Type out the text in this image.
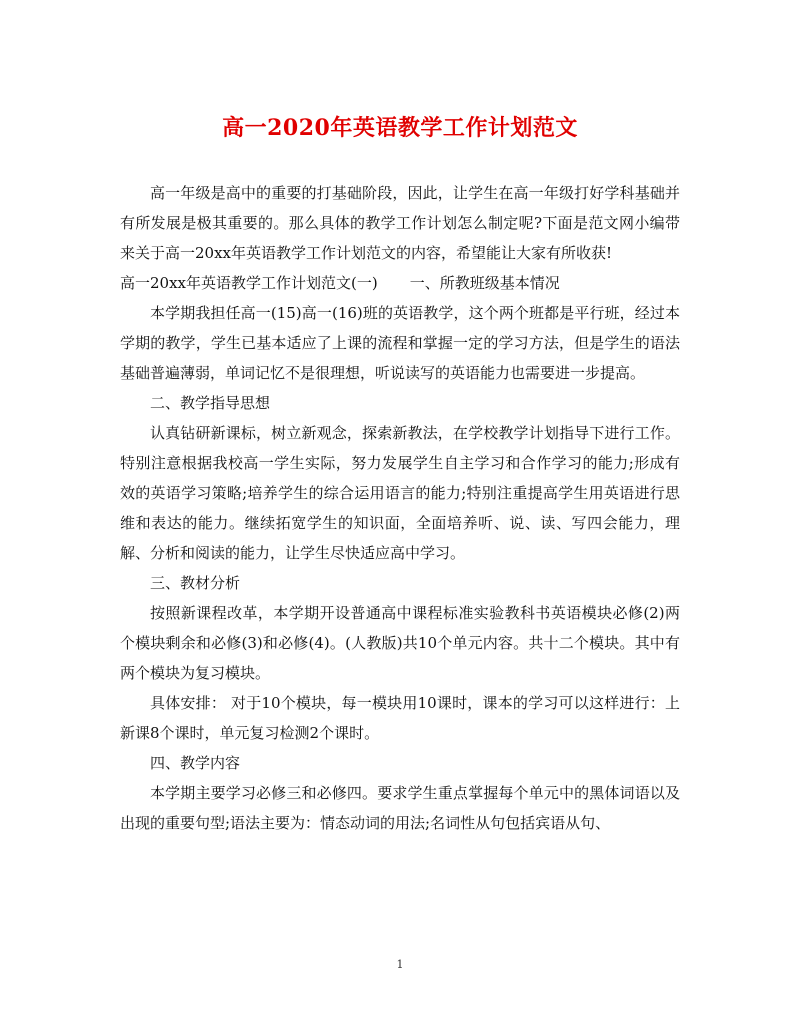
高一2020年英语教学工作计划范文

高一年级是高中的重要的打基础阶段，因此，让学生在高一年级打好学科基础并有所发展是极其重要的。那么具体的教学工作计划怎么制定呢?下面是范文网小编带来关于高一20xx年英语教学工作计划范文的内容，希望能让大家有所收获!

高一20xx年英语教学工作计划范文(一) 一、所教班级基本情况

本学期我担任高一(15)高一(16)班的英语教学，这个两个班都是平行班，经过本学期的教学，学生已基本适应了上课的流程和掌握一定的学习方法，但是学生的语法基础普遍薄弱，单词记忆不是很理想，听说读写的英语能力也需要进一步提高。

二、教学指导思想

认真钻研新课标，树立新观念，探索新教法，在学校教学计划指导下进行工作。特别注意根据我校高一学生实际，努力发展学生自主学习和合作学习的能力;形成有效的英语学习策略;培养学生的综合运用语言的能力;特别注重提高学生用英语进行思维和表达的能力。继续拓宽学生的知识面，全面培养听、说、读、写四会能力，理解、分析和阅读的能力，让学生尽快适应高中学习。

三、教材分析

按照新课程改革，本学期开设普通高中课程标准实验教科书英语模块必修(2)两个模块剩余和必修(3)和必修(4)。(人教版)共10个单元内容。共十二个模块。其中有两个模块为复习模块。

具体安排： 对于10个模块，每一模块用10课时，课本的学习可以这样进行：上新课8个课时，单元复习检测2个课时。

四、教学内容

本学期主要学习必修三和必修四。要求学生重点掌握每个单元中的黑体词语以及出现的重要句型;语法主要为：情态动词的用法;名词性从句包括宾语从句、

1
